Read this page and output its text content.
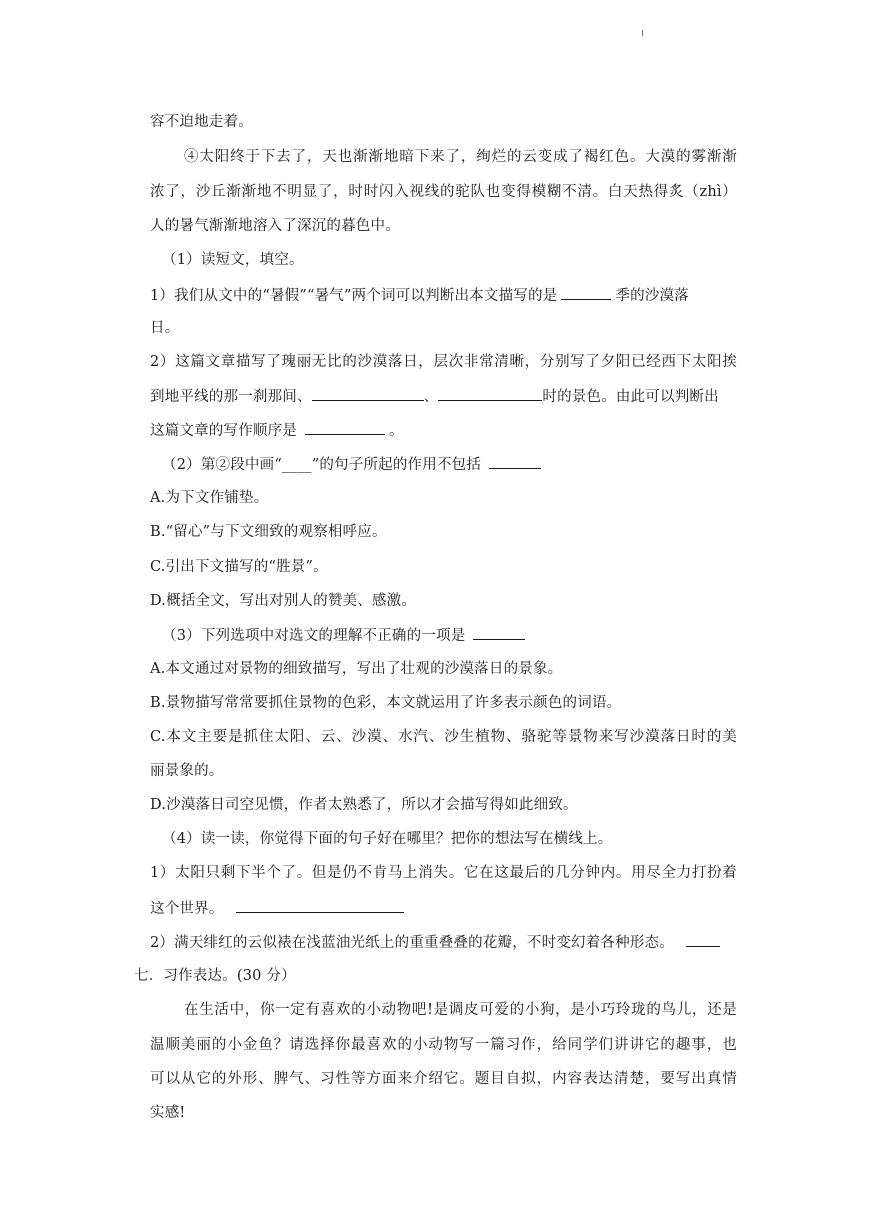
容不迫地走着。
④太阳终于下去了，天也渐渐地暗下来了，绚烂的云变成了褐红色。大漠的雾渐渐
浓了，沙丘渐渐地不明显了，时时闪入视线的驼队也变得模糊不清。白天热得炙（zhì）
人的暑气渐渐地溶入了深沉的暮色中。
（1）读短文，填空。
1）我们从文中的“暑假”“暑气”两个词可以判断出本文描写的是	季的沙漠落
日。
2）这篇文章描写了瑰丽无比的沙漠落日，层次非常清晰，分别写了夕阳已经西下太阳挨
到地平线的那一刹那间、	、	时的景色。由此可以判断出
这篇文章的写作顺序是	。
（2）第②段中画“____”的句子所起的作用不包括
A.为下文作铺垫。
B.“留心”与下文细致的观察相呼应。
C.引出下文描写的“胜景”。
D.概括全文，写出对别人的赞美、感激。
（3）下列选项中对选文的理解不正确的一项是
A.本文通过对景物的细致描写，写出了壮观的沙漠落日的景象。
B.景物描写常常要抓住景物的色彩，本文就运用了许多表示颜色的词语。
C.本文主要是抓住太阳、云、沙漠、水汽、沙生植物、骆驼等景物来写沙漠落日时的美
丽景象的。
D.沙漠落日司空见惯，作者太熟悉了，所以才会描写得如此细致。
（4）读一读，你觉得下面的句子好在哪里？把你的想法写在横线上。
1）太阳只剩下半个了。但是仍不肯马上消失。它在这最后的几分钟内。用尽全力打扮着
这个世界。
2）满天绯红的云似裱在浅蓝油光纸上的重重叠叠的花瓣，不时变幻着各种形态。
七．习作表达。(30 分）
在生活中，你一定有喜欢的小动物吧!是调皮可爱的小狗，是小巧玲珑的鸟儿，还是
温顺美丽的小金鱼？请选择你最喜欢的小动物写一篇习作，给同学们讲讲它的趣事，也
可以从它的外形、脾气、习性等方面来介绍它。题目自拟，内容表达清楚，要写出真情
实感!
